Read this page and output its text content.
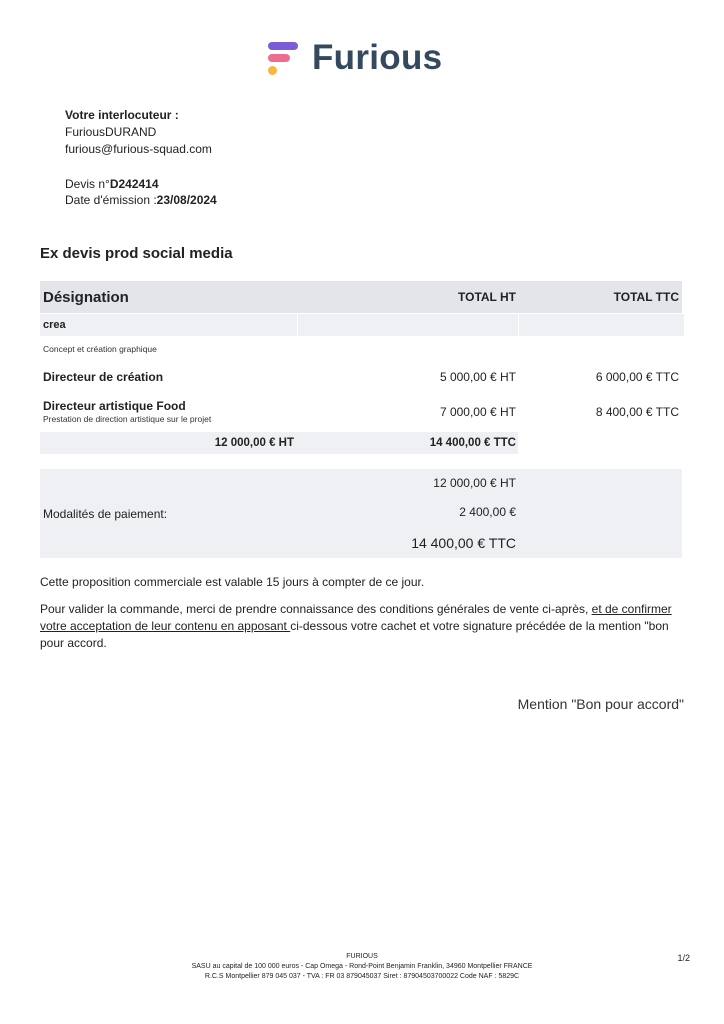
Furious
Votre interlocuteur :
FuriousDURAND
furious@furious-squad.com
Devis n°D242414
Date d'émission :23/08/2024
Ex devis prod social media
Désignation	TOTAL HT	TOTAL TTC
crea
Concept et création graphique
Directeur de création	5 000,00 € HT	6 000,00 € TTC
Directeur artistique Food
Prestation de direction artistique sur le projet	7 000,00 € HT	8 400,00 € TTC
12 000,00 € HT	14 400,00 € TTC
Modalités de paiement:
12 000,00 € HT
2 400,00 €
14 400,00 € TTC
Cette proposition commerciale est valable 15 jours à compter de ce jour.
Pour valider la commande, merci de prendre connaissance des conditions générales de vente ci-après, et de confirmer votre acceptation de leur contenu en apposant ci-dessous votre cachet et votre signature précédée de la mention "bon pour accord.
Mention "Bon pour accord"
FURIOUS
SASU au capital de 100 000 euros - Cap Omega - Rond-Point Benjamin Franklin, 34960 Montpellier FRANCE
R.C.S Montpellier 879 045 037 - TVA : FR 03 879045037 Siret : 87904503700022 Code NAF : 5829C
1/2
